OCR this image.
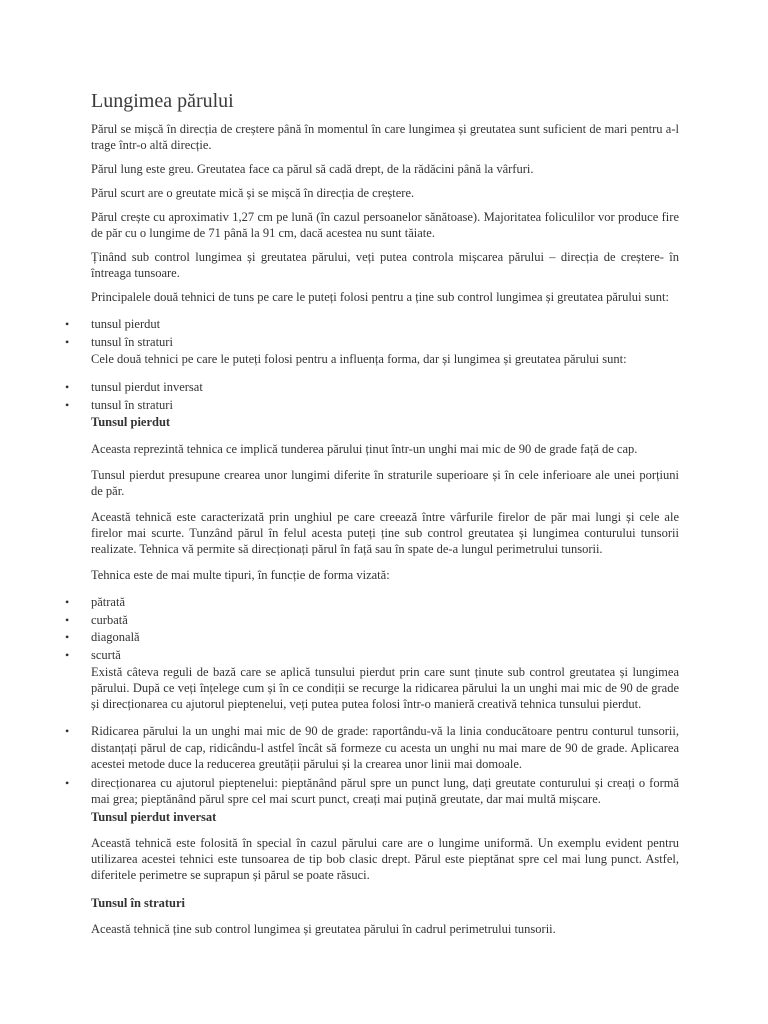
Lungimea părului

Părul se mișcă în direcția de creștere până în momentul în care lungimea și greutatea sunt suficient de mari pentru a-l trage într-o altă direcție.

Părul lung este greu. Greutatea face ca părul să cadă drept, de la rădăcini până la vârfuri.

Părul scurt are o greutate mică și se mișcă în direcția de creștere.

Părul crește cu aproximativ 1,27 cm pe lună (în cazul persoanelor sănătoase). Majoritatea foliculilor vor produce fire de păr cu o lungime de 71 până la 91 cm, dacă acestea nu sunt tăiate.

Ținând sub control lungimea și greutatea părului, veți putea controla mișcarea părului – direcția de creștere- în întreaga tunsoare.

Principalele două tehnici de tuns pe care le puteți folosi pentru a ține sub control lungimea și greutatea părului sunt:

• tunsul pierdut
• tunsul în straturi

Cele două tehnici pe care le puteți folosi pentru a influența forma, dar și lungimea și greutatea părului sunt:

• tunsul pierdut inversat
• tunsul în straturi
Tunsul pierdut

Aceasta reprezintă tehnica ce implică tunderea părului ținut într-un unghi mai mic de 90 de grade față de cap.

Tunsul pierdut presupune crearea unor lungimi diferite în straturile superioare și în cele inferioare ale unei porțiuni de păr.

Această tehnică este caracterizată prin unghiul pe care creează între vârfurile firelor de păr mai lungi și cele ale firelor mai scurte. Tunzând părul în felul acesta puteți ține sub control greutatea și lungimea conturului tunsorii realizate. Tehnica vă permite să direcționați părul în față sau în spate de-a lungul perimetrului tunsorii.

Tehnica este de mai multe tipuri, în funcție de forma vizată:

• pătrată
• curbată
• diagonală
• scurtă

Există câteva reguli de bază care se aplică tunsului pierdut prin care sunt ținute sub control greutatea și lungimea părului. După ce veți înțelege cum și în ce condiții se recurge la ridicarea părului la un unghi mai mic de 90 de grade și direcționarea cu ajutorul pieptenelui, veți putea putea folosi într-o manieră creativă tehnica tunsului pierdut.

• Ridicarea părului la un unghi mai mic de 90 de grade: raportându-vă la linia conducătoare pentru conturul tunsorii, distanțați părul de cap, ridicându-l astfel încât să formeze cu acesta un unghi nu mai mare de 90 de grade. Aplicarea acestei metode duce la reducerea greutății părului și la crearea unor linii mai domoale.
• direcționarea cu ajutorul pieptenelui: pieptănând părul spre un punct lung, dați greutate conturului și creați o formă mai grea; pieptănând părul spre cel mai scurt punct, creați mai puțină greutate, dar mai multă mișcare.
Tunsul pierdut inversat

Această tehnică este folosită în special în cazul părului care are o lungime uniformă. Un exemplu evident pentru utilizarea acestei tehnici este tunsoarea de tip bob clasic drept. Părul este pieptănat spre cel mai lung punct. Astfel, diferitele perimetre se suprapun și părul se poate răsuci.

Tunsul în straturi

Această tehnică ține sub control lungimea și greutatea părului în cadrul perimetrului tunsorii.
